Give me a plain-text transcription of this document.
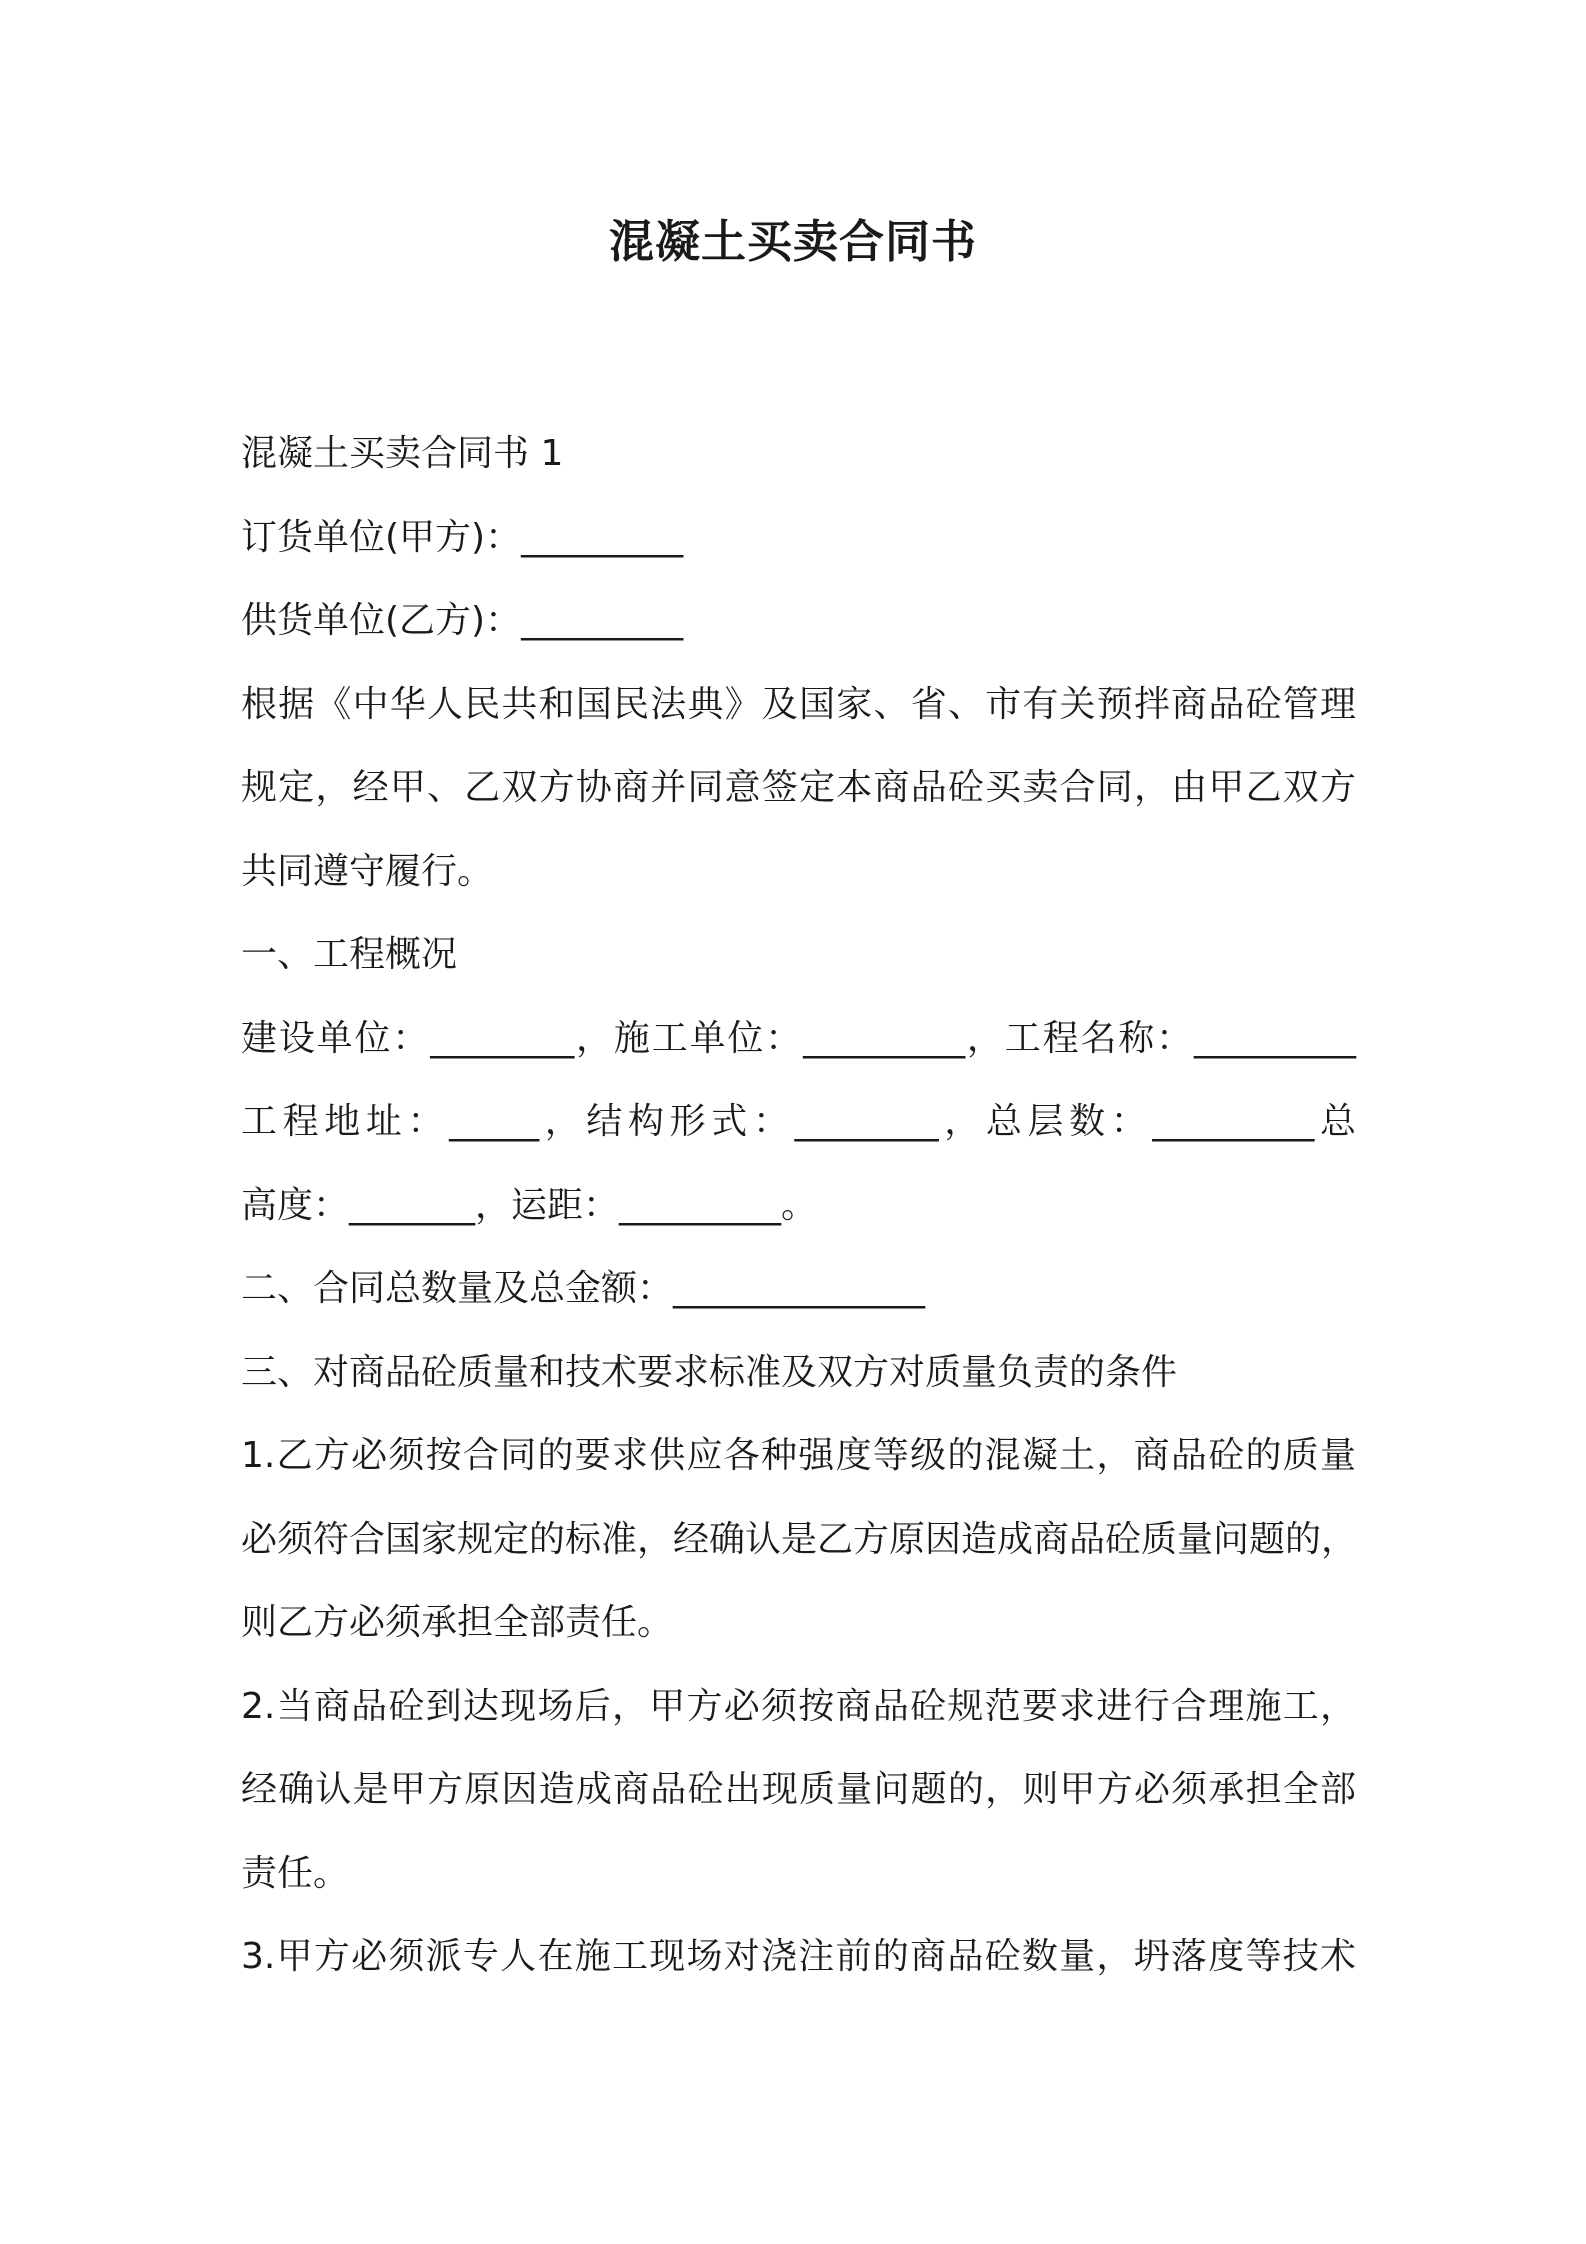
混凝土买卖合同书

混凝土买卖合同书 1

订货单位(甲方)：_________

供货单位(乙方)：_________

根据《中华人民共和国民法典》及国家、省、市有关预拌商品砼管理

规定，经甲、乙双方协商并同意签定本商品砼买卖合同，由甲乙双方

共同遵守履行。

一、工程概况

建设单位：________，施工单位：_________，工程名称：_________

工程地址：_____，结构形式：________，总层数：_________总

高度：_______，运距：_________。

二、合同总数量及总金额：______________

三、对商品砼质量和技术要求标准及双方对质量负责的条件

1.乙方必须按合同的要求供应各种强度等级的混凝土，商品砼的质量

必须符合国家规定的标准，经确认是乙方原因造成商品砼质量问题的，

则乙方必须承担全部责任。

2.当商品砼到达现场后，甲方必须按商品砼规范要求进行合理施工，

经确认是甲方原因造成商品砼出现质量问题的，则甲方必须承担全部

责任。

3.甲方必须派专人在施工现场对浇注前的商品砼数量，坍落度等技术
